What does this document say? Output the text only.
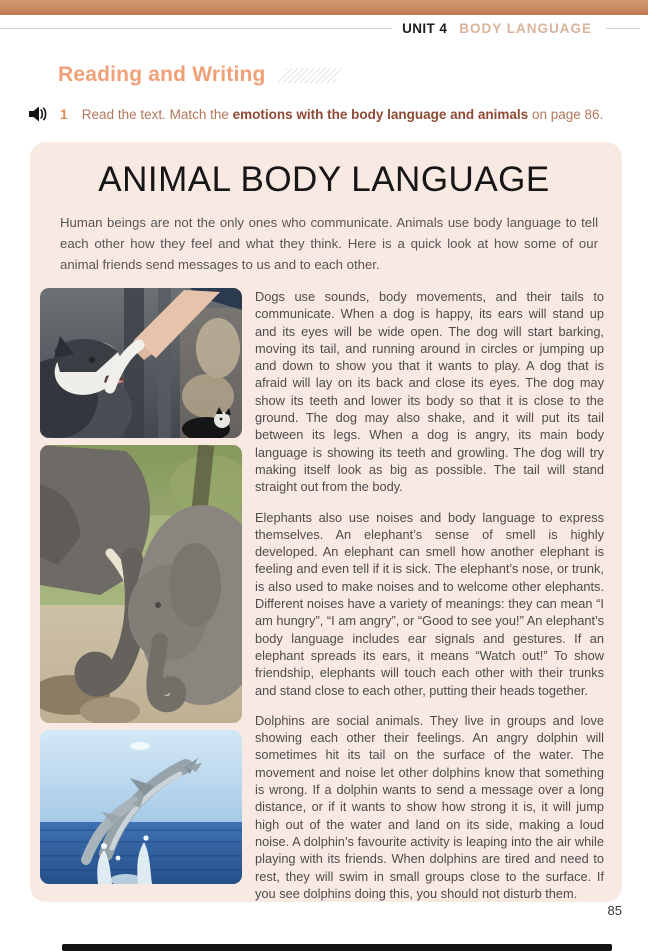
UNIT 4 BODY LANGUAGE
Reading and Writing
1 Read the text. Match the emotions with the body language and animals on page 86.
ANIMAL BODY LANGUAGE

Human beings are not the only ones who communicate. Animals use body language to tell each other how they feel and what they think. Here is a quick look at how some of our animal friends send messages to us and to each other.

Dogs use sounds, body movements, and their tails to communicate. When a dog is happy, its ears will stand up and its eyes will be wide open. The dog will start barking, moving its tail, and running around in circles or jumping up and down to show you that it wants to play. A dog that is afraid will lay on its back and close its eyes. The dog may show its teeth and lower its body so that it is close to the ground. The dog may also shake, and it will put its tail between its legs. When a dog is angry, its main body language is showing its teeth and growling. The dog will try making itself look as big as possible. The tail will stand straight out from the body.

Elephants also use noises and body language to express themselves. An elephant’s sense of smell is highly developed. An elephant can smell how another elephant is feeling and even tell if it is sick. The elephant’s nose, or trunk, is also used to make noises and to welcome other elephants. Different noises have a variety of meanings: they can mean “I am hungry”, “I am angry”, or “Good to see you!” An elephant’s body language includes ear signals and gestures. If an elephant spreads its ears, it means “Watch out!” To show friendship, elephants will touch each other with their trunks and stand close to each other, putting their heads together.

Dolphins are social animals. They live in groups and love showing each other their feelings. An angry dolphin will sometimes hit its tail on the surface of the water. The movement and noise let other dolphins know that something is wrong. If a dolphin wants to send a message over a long distance, or if it wants to show how strong it is, it will jump high out of the water and land on its side, making a loud noise. A dolphin’s favourite activity is leaping into the air while playing with its friends. When dolphins are tired and need to rest, they will swim in small groups close to the surface. If you see dolphins doing this, you should not disturb them.

85
